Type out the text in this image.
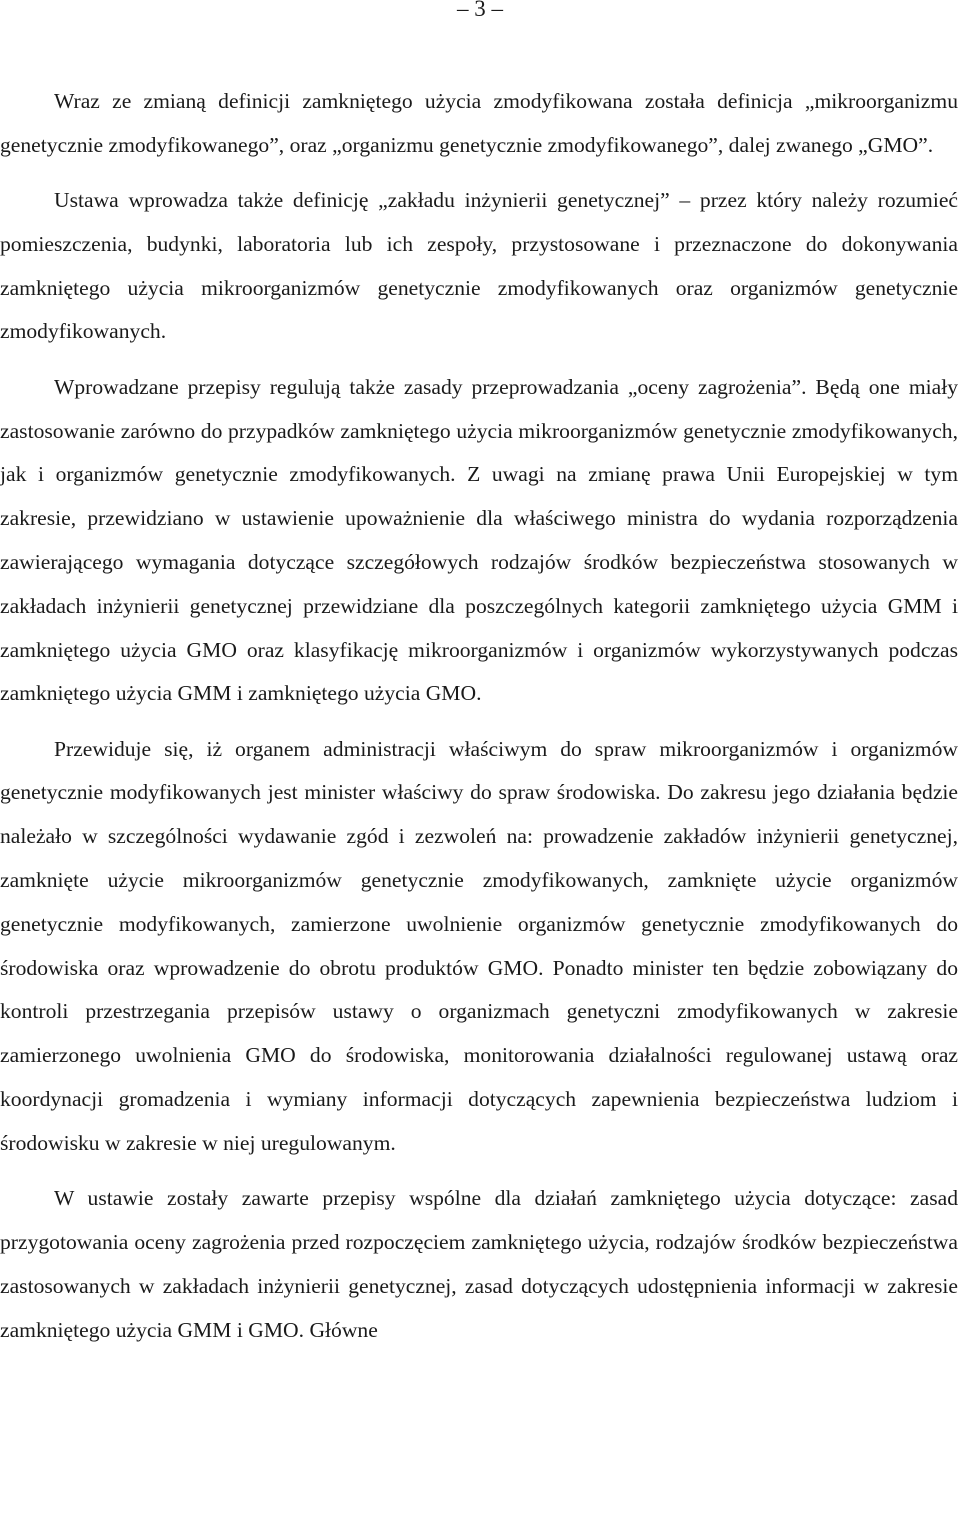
– 3 –

Wraz ze zmianą definicji zamkniętego użycia zmodyfikowana została definicja „mikroorganizmu genetycznie zmodyfikowanego”, oraz „organizmu genetycznie zmodyfikowanego”, dalej zwanego „GMO”.

Ustawa wprowadza także definicję „zakładu inżynierii genetycznej” – przez który należy rozumieć pomieszczenia, budynki, laboratoria lub ich zespoły, przystosowane i przeznaczone do dokonywania zamkniętego użycia mikroorganizmów genetycznie zmodyfikowanych oraz organizmów genetycznie zmodyfikowanych.

Wprowadzane przepisy regulują także zasady przeprowadzania „oceny zagrożenia”. Będą one miały zastosowanie zarówno do przypadków zamkniętego użycia mikroorganizmów genetycznie zmodyfikowanych, jak i organizmów genetycznie zmodyfikowanych. Z uwagi na zmianę prawa Unii Europejskiej w tym zakresie, przewidziano w ustawienie upoważnienie dla właściwego ministra do wydania rozporządzenia zawierającego wymagania dotyczące szczegółowych rodzajów środków bezpieczeństwa stosowanych w zakładach inżynierii genetycznej przewidziane dla poszczególnych kategorii zamkniętego użycia GMM i zamkniętego użycia GMO oraz klasyfikację mikroorganizmów i organizmów wykorzystywanych podczas zamkniętego użycia GMM i zamkniętego użycia GMO.

Przewiduje się, iż organem administracji właściwym do spraw mikroorganizmów i organizmów genetycznie modyfikowanych jest minister właściwy do spraw środowiska. Do zakresu jego działania będzie należało w szczególności wydawanie zgód i zezwoleń na: prowadzenie zakładów inżynierii genetycznej, zamknięte użycie mikroorganizmów genetycznie zmodyfikowanych, zamknięte użycie organizmów genetycznie modyfikowanych, zamierzone uwolnienie organizmów genetycznie zmodyfikowanych do środowiska oraz wprowadzenie do obrotu produktów GMO. Ponadto minister ten będzie zobowiązany do kontroli przestrzegania przepisów ustawy o organizmach genetyczni zmodyfikowanych w zakresie zamierzonego uwolnienia GMO do środowiska, monitorowania działalności regulowanej ustawą oraz koordynacji gromadzenia i wymiany informacji dotyczących zapewnienia bezpieczeństwa ludziom i środowisku w zakresie w niej uregulowanym.

W ustawie zostały zawarte przepisy wspólne dla działań zamkniętego użycia dotyczące: zasad przygotowania oceny zagrożenia przed rozpoczęciem zamkniętego użycia, rodzajów środków bezpieczeństwa zastosowanych w zakładach inżynierii genetycznej, zasad dotyczących udostępnienia informacji w zakresie zamkniętego użycia GMM i GMO. Główne
